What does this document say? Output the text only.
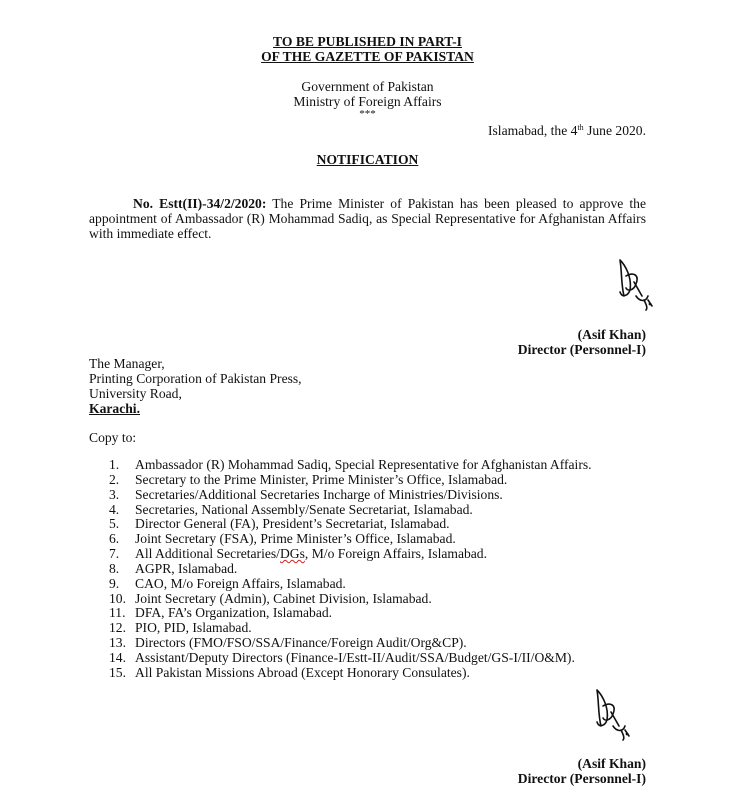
TO BE PUBLISHED IN PART-I

OF THE GAZETTE OF PAKISTAN

Government of Pakistan

Ministry of Foreign Affairs

***

Islamabad, the 4th June 2020.

NOTIFICATION

No. Estt(II)-34/2/2020: The Prime Minister of Pakistan has been pleased to approve the appointment of Ambassador (R) Mohammad Sadiq, as Special Representative for Afghanistan Affairs with immediate effect.

(Asif Khan)

Director (Personnel-I)

The Manager,

Printing Corporation of Pakistan Press,

University Road,

Karachi.

Copy to:

1. Ambassador (R) Mohammad Sadiq, Special Representative for Afghanistan Affairs.
2. Secretary to the Prime Minister, Prime Minister’s Office, Islamabad.
3. Secretaries/Additional Secretaries Incharge of Ministries/Divisions.
4. Secretaries, National Assembly/Senate Secretariat, Islamabad.
5. Director General (FA), President’s Secretariat, Islamabad.
6. Joint Secretary (FSA), Prime Minister’s Office, Islamabad.
7. All Additional Secretaries/DGs, M/o Foreign Affairs, Islamabad.
8. AGPR, Islamabad.
9. CAO, M/o Foreign Affairs, Islamabad.
10. Joint Secretary (Admin), Cabinet Division, Islamabad.
11. DFA, FA’s Organization, Islamabad.
12. PIO, PID, Islamabad.
13. Directors (FMO/FSO/SSA/Finance/Foreign Audit/Org&CP).
14. Assistant/Deputy Directors (Finance-I/Estt-II/Audit/SSA/Budget/GS-I/II/O&M).
15. All Pakistan Missions Abroad (Except Honorary Consulates).

(Asif Khan)

Director (Personnel-I)
